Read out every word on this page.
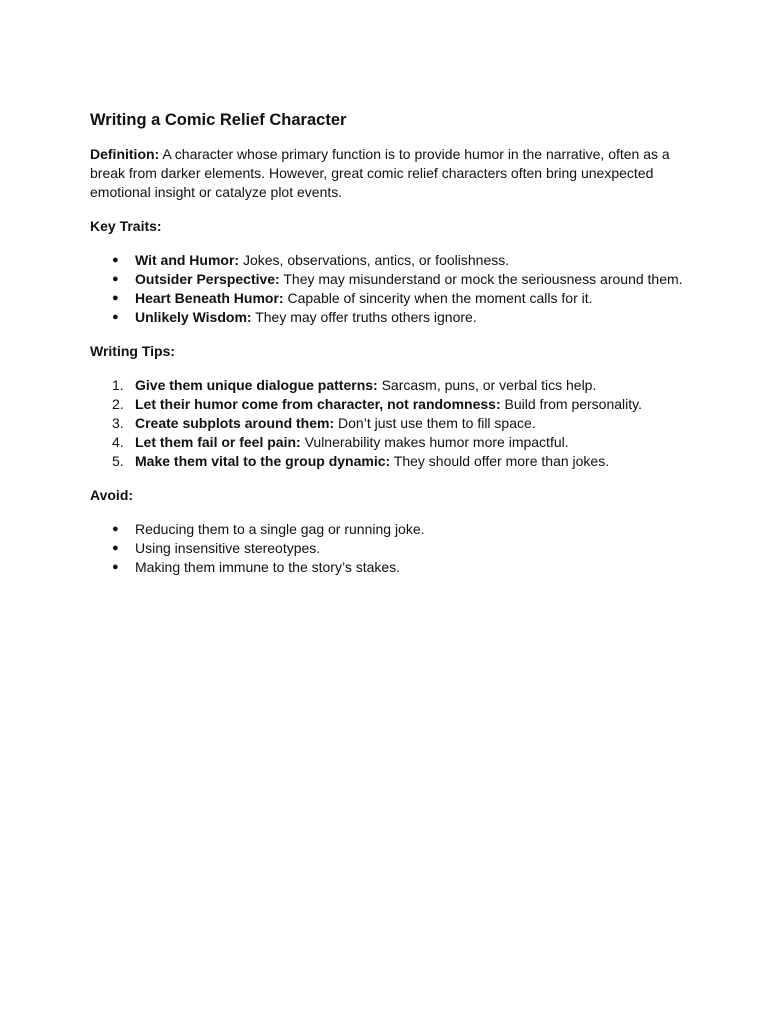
Writing a Comic Relief Character

Definition: A character whose primary function is to provide humor in the narrative, often as a break from darker elements. However, great comic relief characters often bring unexpected emotional insight or catalyze plot events.

Key Traits:

●	Wit and Humor: Jokes, observations, antics, or foolishness.
●	Outsider Perspective: They may misunderstand or mock the seriousness around them.
●	Heart Beneath Humor: Capable of sincerity when the moment calls for it.
●	Unlikely Wisdom: They may offer truths others ignore.

Writing Tips:

1. Give them unique dialogue patterns: Sarcasm, puns, or verbal tics help.
2. Let their humor come from character, not randomness: Build from personality.
3. Create subplots around them: Don’t just use them to fill space.
4. Let them fail or feel pain: Vulnerability makes humor more impactful.
5. Make them vital to the group dynamic: They should offer more than jokes.

Avoid:

●	Reducing them to a single gag or running joke.
●	Using insensitive stereotypes.
●	Making them immune to the story’s stakes.
